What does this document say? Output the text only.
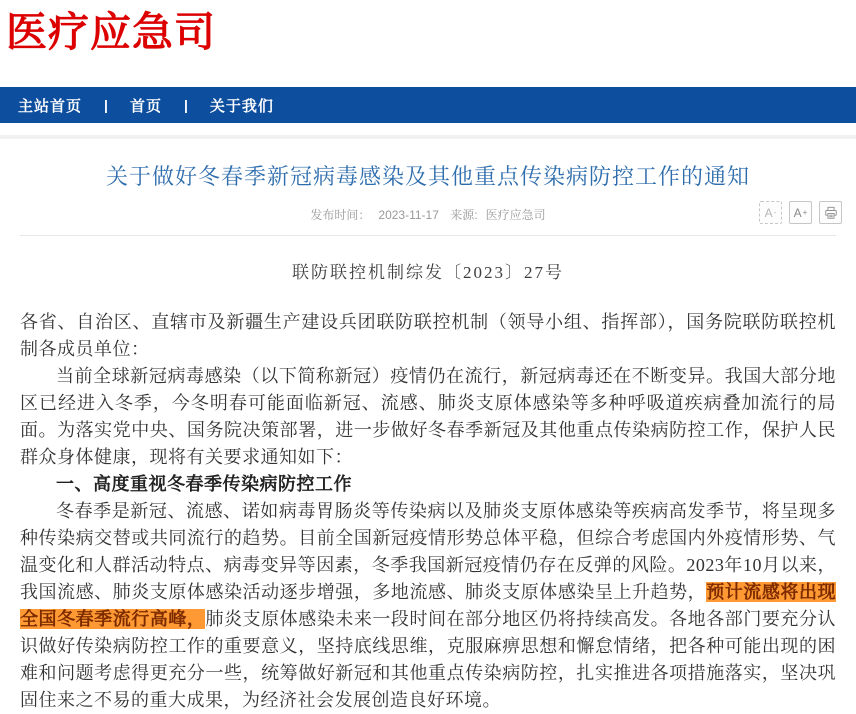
医疗应急司
主站首页 | 首页 | 关于我们
关于做好冬春季新冠病毒感染及其他重点传染病防控工作的通知
发布时间： 2023-11-17 来源: 医疗应急司	A - A +
联防联控机制综发〔2023〕27号

各省、自治区、直辖市及新疆生产建设兵团联防联控机制（领导小组、指挥部），国务院联防联控机制各成员单位：

当前全球新冠病毒感染（以下简称新冠）疫情仍在流行，新冠病毒还在不断变异。我国大部分地区已经进入冬季，今冬明春可能面临新冠、流感、肺炎支原体感染等多种呼吸道疾病叠加流行的局面。为落实党中央、国务院决策部署，进一步做好冬春季新冠及其他重点传染病防控工作，保护人民群众身体健康，现将有关要求通知如下：

一、高度重视冬春季传染病防控工作

冬春季是新冠、流感、诺如病毒胃肠炎等传染病以及肺炎支原体感染等疾病高发季节，将呈现多种传染病交替或共同流行的趋势。目前全国新冠疫情形势总体平稳，但综合考虑国内外疫情形势、气温变化和人群活动特点、病毒变异等因素，冬季我国新冠疫情仍存在反弹的风险。2023年10月以来，我国流感、肺炎支原体感染活动逐步增强，多地流感、肺炎支原体感染呈上升趋势，预计流感将出现全国冬春季流行高峰，肺炎支原体感染未来一段时间在部分地区仍将持续高发。各地各部门要充分认识做好传染病防控工作的重要意义，坚持底线思维，克服麻痹思想和懈怠情绪，把各种可能出现的困难和问题考虑得更充分一些，统筹做好新冠和其他重点传染病防控，扎实推进各项措施落实，坚决巩固住来之不易的重大成果，为经济社会发展创造良好环境。
